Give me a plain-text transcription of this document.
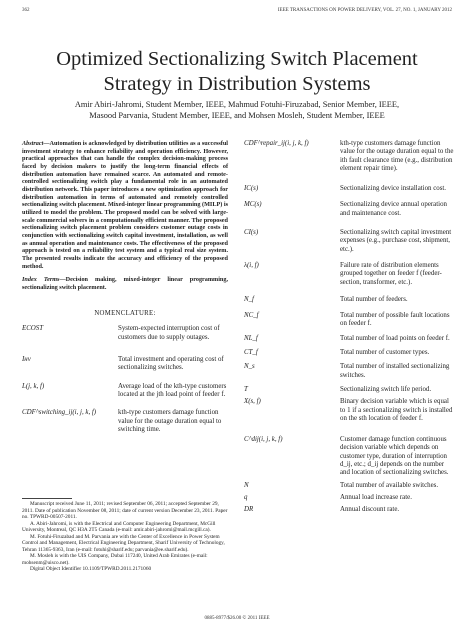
362	IEEE TRANSACTIONS ON POWER DELIVERY, VOL. 27, NO. 1, JANUARY 2012
Optimized Sectionalizing Switch Placement
Strategy in Distribution Systems
Amir Abiri-Jahromi, Student Member, IEEE, Mahmud Fotuhi-Firuzabad, Senior Member, IEEE,
Masood Parvania, Student Member, IEEE, and Mohsen Mosleh, Student Member, IEEE

Abstract—Automation is acknowledged by distribution utilities as a successful investment strategy to enhance reliability and operation efficiency. However, practical approaches that can handle the complex decision-making process faced by decision makers to justify the long-term financial effects of distribution automation have remained scarce. An automated and remote-controlled sectionalizing switch play a fundamental role in an automated distribution network. This paper introduces a new optimization approach for distribution automation in terms of automated and remotely controlled sectionalizing switch placement. Mixed-integer linear programming (MILP) is utilized to model the problem. The proposed model can be solved with large-scale commercial solvers in a computationally efficient manner. The proposed sectionalizing switch placement problem considers customer outage costs in conjunction with sectionalizing switch capital investment, installation, as well as annual operation and maintenance costs. The effectiveness of the proposed approach is tested on a reliability test system and a typical real size system. The presented results indicate the accuracy and efficiency of the proposed method.

Index Terms—Decision making, mixed-integer linear programming, sectionalizing switch placement.

NOMENCLATURE:
ECOST	System-expected interruption cost of customers due to supply outages.
Iнv	Total investment and operating cost of sectionalizing switches.
L(j, k, f)	Average load of the kth-type customers located at the jth load point of feeder f.
CDF^switching_ij(i, j, k, f)	kth-type customers damage function value for the outage duration equal to switching time.
CDF^repair_ij(i, j, k, f)	kth-type customers damage function value for the outage duration equal to the ith fault clearance time (e.g., distribution element repair time).
IC(s)	Sectionalizing device installation cost.
MC(s)	Sectionalizing device annual operation and maintenance cost.
CI(s)	Sectionalizing switch capital investment expenses (e.g., purchase cost, shipment, etc.).
λ(i, f)	Failure rate of distribution elements grouped together on feeder f (feeder-section, transformer, etc.).
N_f	Total number of feeders.
NC_f	Total number of possible fault locations on feeder f.
NL_f	Total number of load points on feeder f.
CT_f	Total number of customer types.
N_s	Total number of installed sectionalizing switches.
T	Sectionalizing switch life period.
X(s, f)	Binary decision variable which is equal to 1 if a sectionalizing switch is installed on the sth location of feeder f.
C^dij(i, j, k, f)	Customer damage function continuous decision variable which depends on customer type, duration of interruption d_ij, etc.; d_ij depends on the number and location of sectionalizing switches.
N	Total number of available switches.
q	Annual load increase rate.
DR	Annual discount rate.

Manuscript received June 11, 2011; revised September 06, 2011; accepted September 29, 2011. Date of publication November 08, 2011; date of current version December 23, 2011. Paper no. TPWRD-00507-2011.

A. Abiri-Jahromi, is with the Electrical and Computer Engineering Department, McGill University, Montreal, QC H3A 2T5 Canada (e-mail: amir.abiri-jahromi@mail.mcgill.ca).

M. Fotuhi-Firuzabad and M. Parvania are with the Center of Excellence in Power System Control and Management, Electrical Engineering Department, Sharif University of Technology, Tehran 11365-9363, Iran (e-mail: fotuhi@sharif.edu; parvania@ee.sharif.edu).

M. Mosleh is with the UIS Company, Dubai 117240, United Arab Emirates (e-mail: mohsenm@uisco.net).

Digital Object Identifier 10.1109/TPWRD.2011.2171060

0885-8977/$26.00 © 2011 IEEE
